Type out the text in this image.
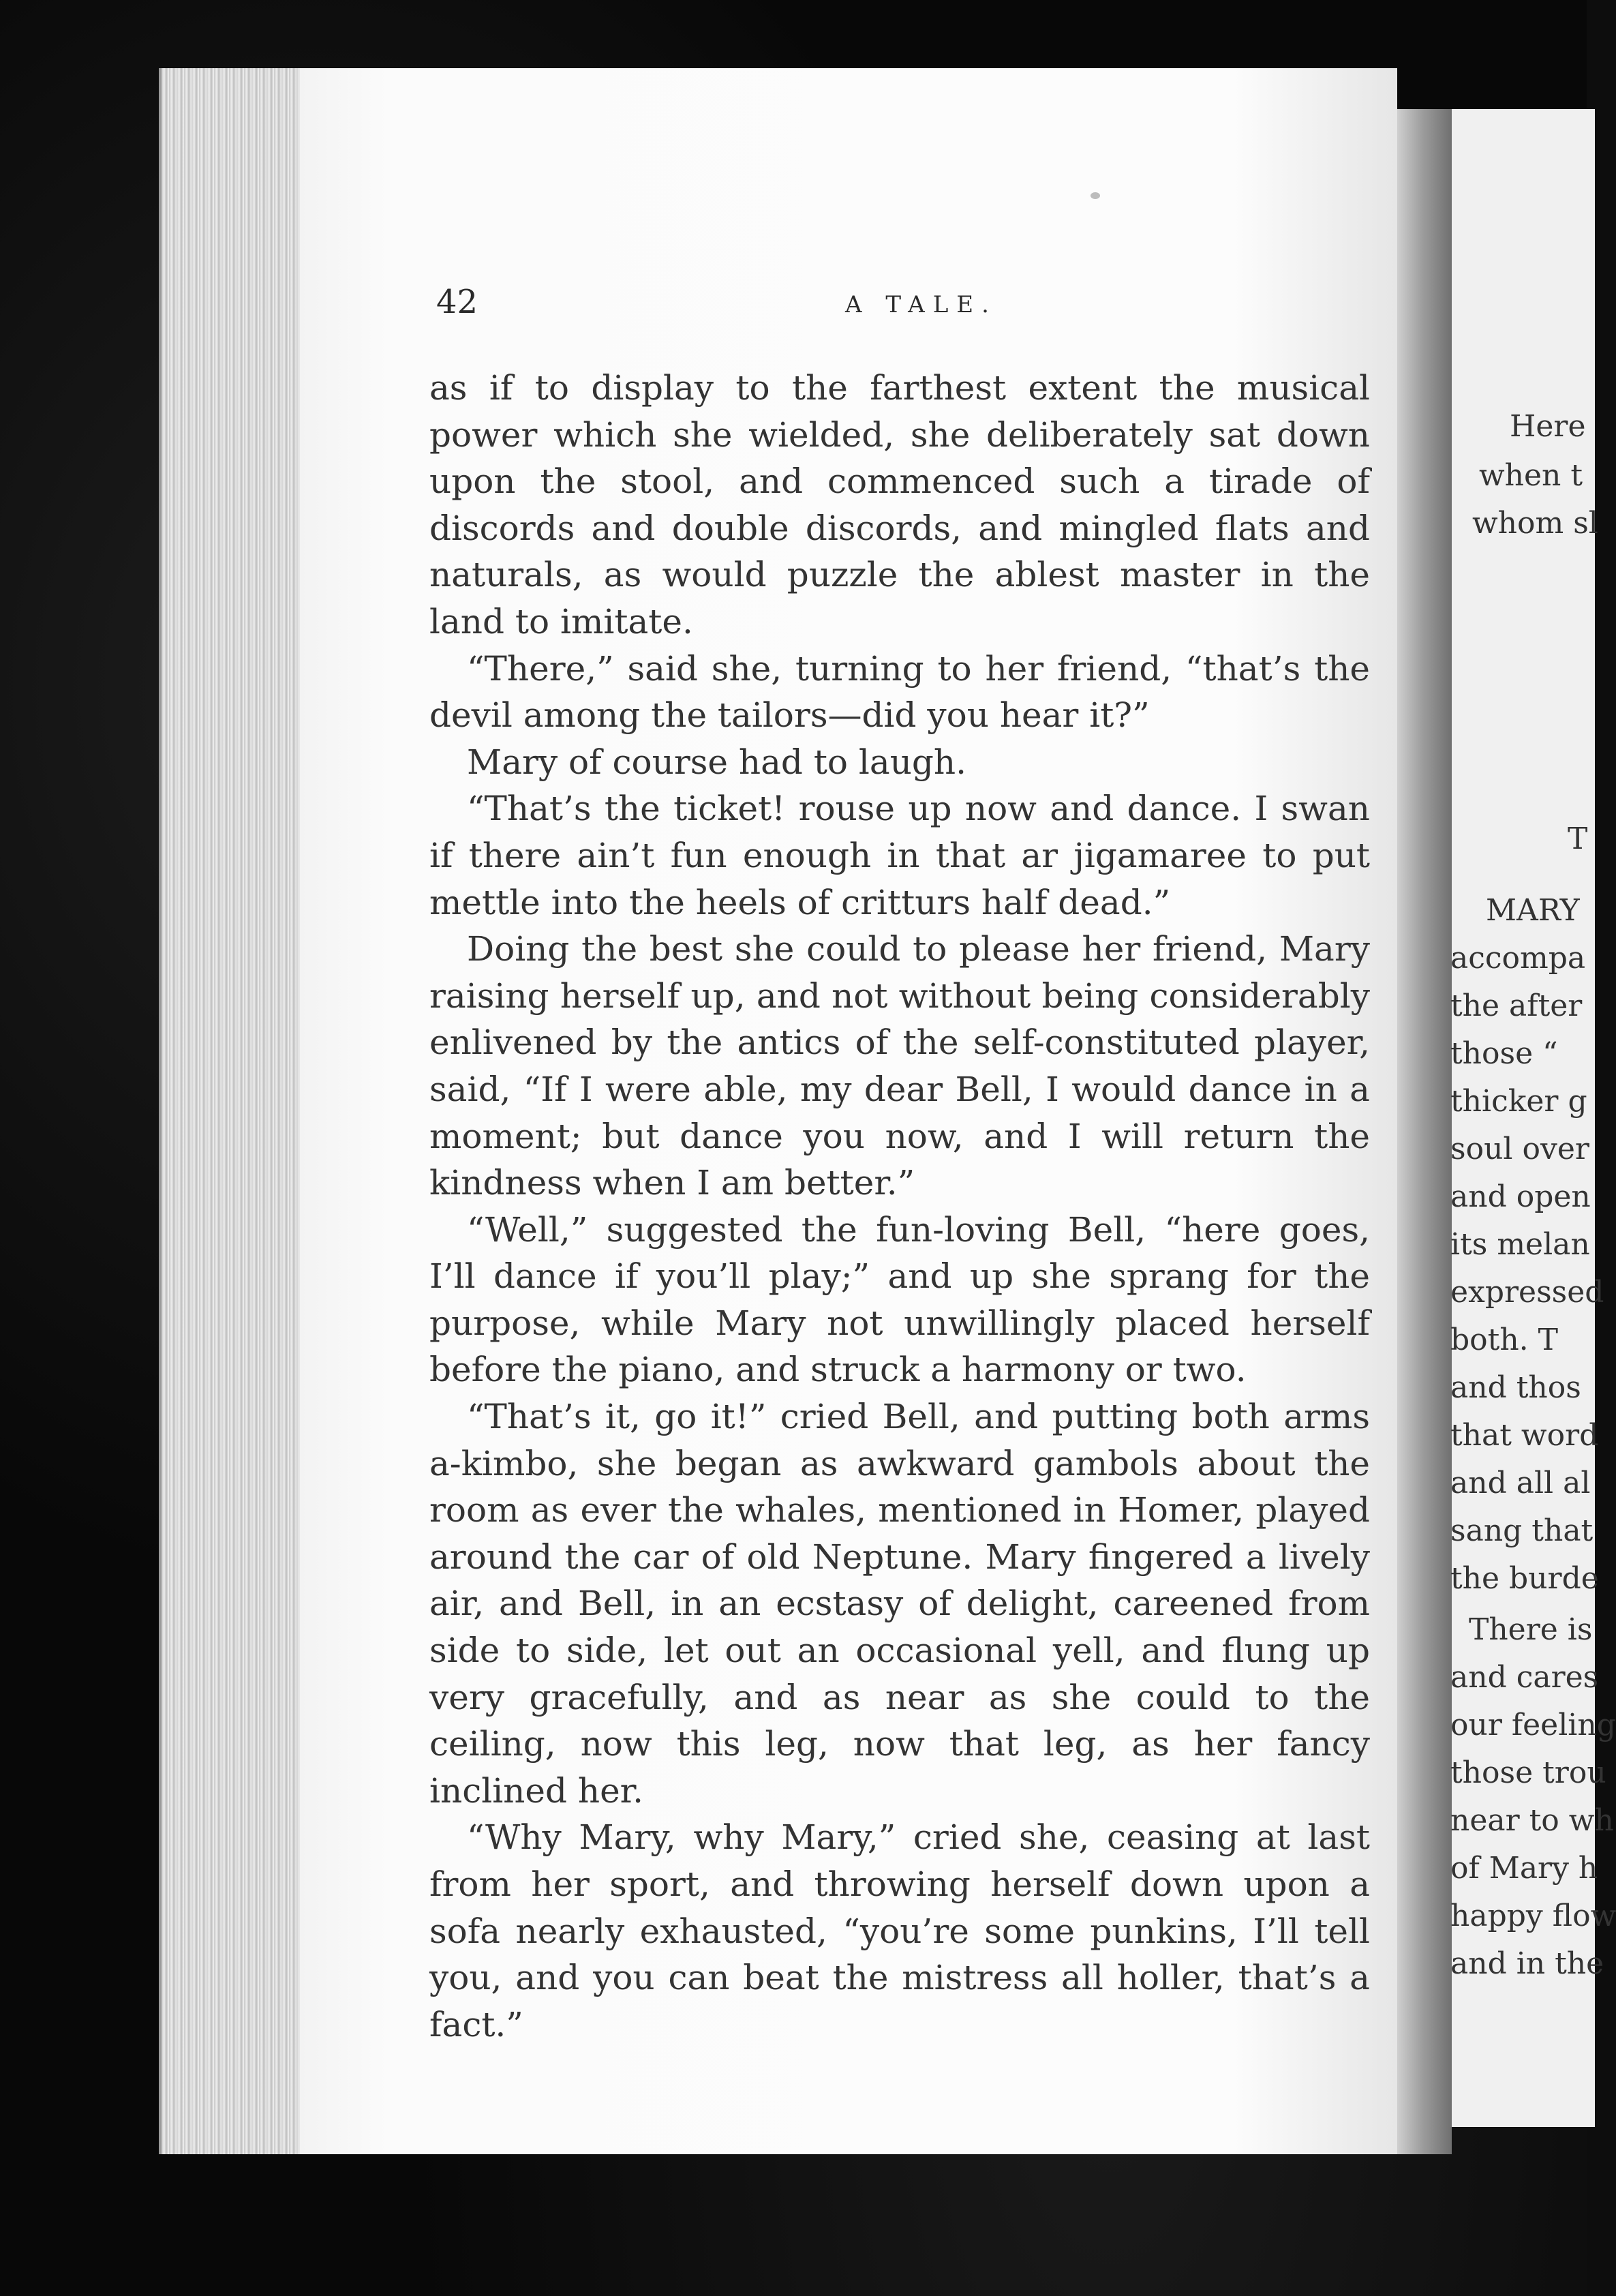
42	A TALE.

as if to display to the farthest extent the musical power which she wielded, she deliberately sat down upon the stool, and commenced such a tirade of discords and double discords, and mingled flats and naturals, as would puzzle the ablest master in the land to imitate.

“There,” said she, turning to her friend, “that’s the devil among the tailors—did you hear it?”

Mary of course had to laugh.

“That’s the ticket! rouse up now and dance. I swan if there ain’t fun enough in that ar jigamaree to put mettle into the heels of critturs half dead.”

Doing the best she could to please her friend, Mary raising herself up, and not without being considerably enlivened by the antics of the self-constituted player, said, “If I were able, my dear Bell, I would dance in a moment; but dance you now, and I will return the kindness when I am better.”

“Well,” suggested the fun-loving Bell, “here goes, I’ll dance if you’ll play;” and up she sprang for the purpose, while Mary not unwillingly placed herself before the piano, and struck a harmony or two.

“That’s it, go it!” cried Bell, and putting both arms a-kimbo, she began as awkward gambols about the room as ever the whales, mentioned in Homer, played around the car of old Neptune. Mary fingered a lively air, and Bell, in an ecstasy of delight, careened from side to side, let out an occasional yell, and flung up very gracefully, and as near as she could to the ceiling, now this leg, now that leg, as her fancy inclined her.

“Why Mary, why Mary,” cried she, ceasing at last from her sport, and throwing herself down upon a sofa nearly exhausted, “you’re some punkins, I’ll tell you, and you can beat the mistress all holler, that’s a fact.”

Here
when t
whom sl
T
MARY
accompa
the after
those “
thicker g
soul over
and open
its melan
expressed
both. T
and thos
that word
and all al
sang that
the burde
There is
and cares
our feeling
those trou
near to wh
of Mary h
happy flow
and in the
